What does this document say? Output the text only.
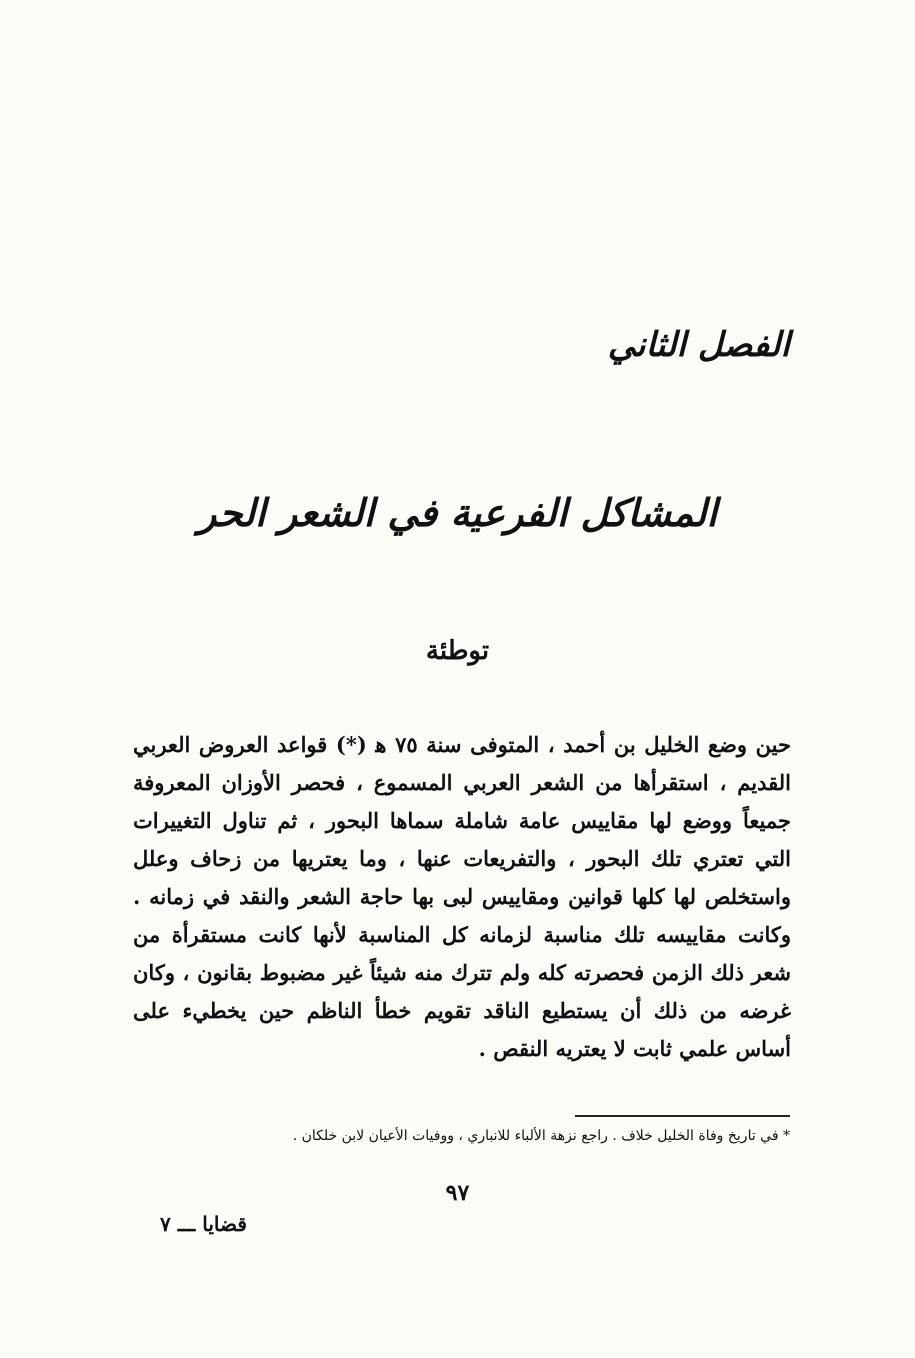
الفصل الثاني
المشاكل الفرعية في الشعر الحر
توطئة
حين وضع الخليل بن أحمد ، المتوفى سنة ٧٥ ﻫ (*) قواعد العروض العربي القديم ، استقرأها من الشعر العربي المسموع ، فحصر الأوزان المعروفة جميعاً ووضع لها مقاييس عامة شاملة سماها البحور ، ثم تناول التغييرات التي تعتري تلك البحور ، والتفريعات عنها ، وما يعتريها من زحاف وعلل واستخلص لها كلها قوانين ومقاييس لبى بها حاجة الشعر والنقد في زمانه . وكانت مقاييسه تلك مناسبة لزمانه كل المناسبة لأنها كانت مستقرأة من شعر ذلك الزمن فحصرته كله ولم تترك منه شيئاً غير مضبوط بقانون ، وكان غرضه من ذلك أن يستطيع الناقد تقويم خطأ الناظم حين يخطيء على أساس علمي ثابت لا يعتريه النقص .
* في تاريخ وفاة الخليل خلاف . راجع نزهة الألباء للانباري ، ووفيات الأعيان لابن خلكان .
٩٧
قضايا ـــ ٧
